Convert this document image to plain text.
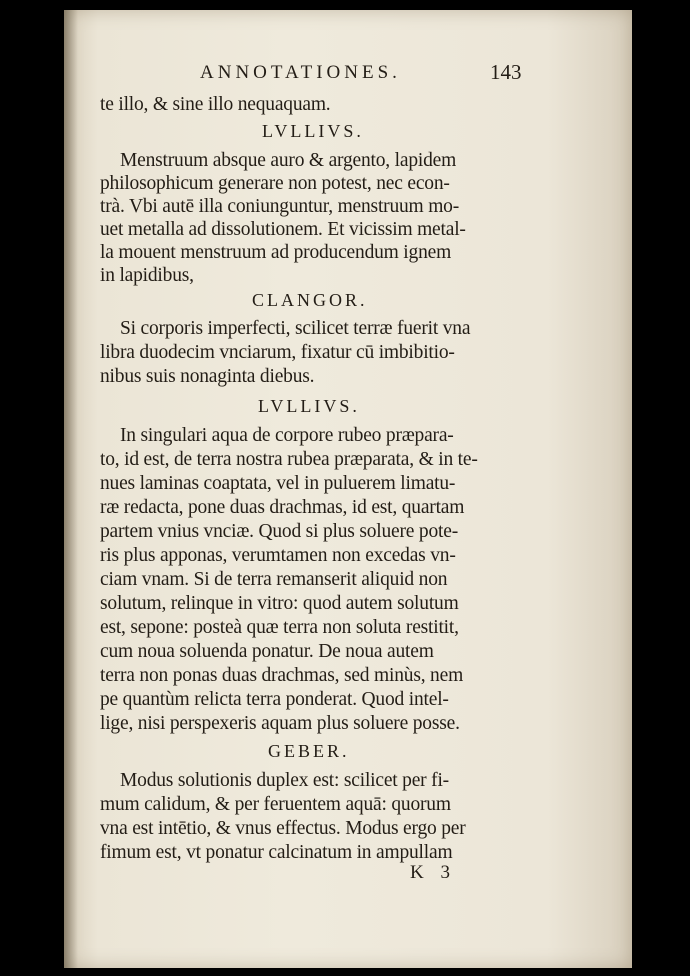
ANNOTATIONES.	143
te illo, & sine illo nequaquam.
LVLLIVS.
Menstruum absque auro & argento, lapidem
philosophicum generare non potest, nec econ-
trà. Vbi autē illa coniunguntur, menstruum mo-
uet metalla ad dissolutionem. Et vicissim metal-
la mouent menstruum ad producendum ignem
in lapidibus,
CLANGOR.
Si corporis imperfecti, scilicet terræ fuerit vna
libra duodecim vnciarum, fixatur cū imbibitio-
nibus suis nonaginta diebus.
LVLLIVS.
In singulari aqua de corpore rubeo præpara-
to, id est, de terra nostra rubea præparata, & in te-
nues laminas coaptata, vel in puluerem limatu-
ræ redacta, pone duas drachmas, id est, quartam
partem vnius vnciæ. Quod si plus soluere pote-
ris plus apponas, verumtamen non excedas vn-
ciam vnam. Si de terra remanserit aliquid non
solutum, relinque in vitro: quod autem solutum
est, sepone: posteà quæ terra non soluta restitit,
cum noua soluenda ponatur. De noua autem
terra non ponas duas drachmas, sed minùs, nem
pe quantùm relicta terra ponderat. Quod intel-
lige, nisi perspexeris aquam plus soluere posse.
GEBER.
Modus solutionis duplex est: scilicet per fi-
mum calidum, & per feruentem aquā: quorum
vna est intētio, & vnus effectus. Modus ergo per
fimum est, vt ponatur calcinatum in ampullam
K 3
